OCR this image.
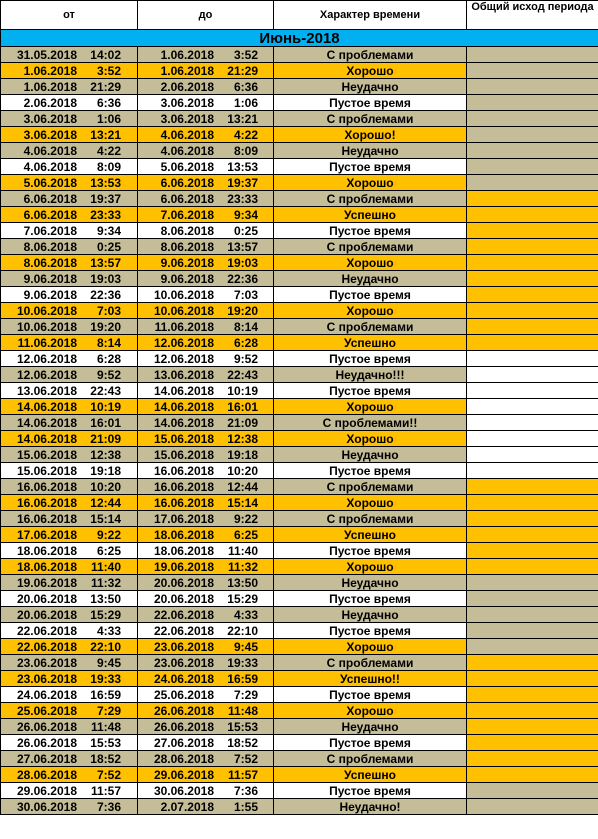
от	до	Характер времени	Общий исход периода
Июнь-2018			
31.05.2018 14:02	1.06.2018 3:52	С проблемами	
1.06.2018 3:52	1.06.2018 21:29	Хорошо	
1.06.2018 21:29	2.06.2018 6:36	Неудачно	
2.06.2018 6:36	3.06.2018 1:06	Пустое время	
3.06.2018 1:06	3.06.2018 13:21	С проблемами	
3.06.2018 13:21	4.06.2018 4:22	Хорошо!	
4.06.2018 4:22	4.06.2018 8:09	Неудачно	
4.06.2018 8:09	5.06.2018 13:53	Пустое время	
5.06.2018 13:53	6.06.2018 19:37	Хорошо	
6.06.2018 19:37	6.06.2018 23:33	С проблемами	
6.06.2018 23:33	7.06.2018 9:34	Успешно	
7.06.2018 9:34	8.06.2018 0:25	Пустое время	
8.06.2018 0:25	8.06.2018 13:57	С проблемами	
8.06.2018 13:57	9.06.2018 19:03	Хорошо	
9.06.2018 19:03	9.06.2018 22:36	Неудачно	
9.06.2018 22:36	10.06.2018 7:03	Пустое время	
10.06.2018 7:03	10.06.2018 19:20	Хорошо	
10.06.2018 19:20	11.06.2018 8:14	С проблемами	
11.06.2018 8:14	12.06.2018 6:28	Успешно	
12.06.2018 6:28	12.06.2018 9:52	Пустое время	
12.06.2018 9:52	13.06.2018 22:43	Неудачно!!!	
13.06.2018 22:43	14.06.2018 10:19	Пустое время	
14.06.2018 10:19	14.06.2018 16:01	Хорошо	
14.06.2018 16:01	14.06.2018 21:09	С проблемами!!	
14.06.2018 21:09	15.06.2018 12:38	Хорошо	
15.06.2018 12:38	15.06.2018 19:18	Неудачно	
15.06.2018 19:18	16.06.2018 10:20	Пустое время	
16.06.2018 10:20	16.06.2018 12:44	С проблемами	
16.06.2018 12:44	16.06.2018 15:14	Хорошо	
16.06.2018 15:14	17.06.2018 9:22	С проблемами	
17.06.2018 9:22	18.06.2018 6:25	Успешно	
18.06.2018 6:25	18.06.2018 11:40	Пустое время	
18.06.2018 11:40	19.06.2018 11:32	Хорошо	
19.06.2018 11:32	20.06.2018 13:50	Неудачно	
20.06.2018 13:50	20.06.2018 15:29	Пустое время	
20.06.2018 15:29	22.06.2018 4:33	Неудачно	
22.06.2018 4:33	22.06.2018 22:10	Пустое время	
22.06.2018 22:10	23.06.2018 9:45	Хорошо	
23.06.2018 9:45	23.06.2018 19:33	С проблемами	
23.06.2018 19:33	24.06.2018 16:59	Успешно!!	
24.06.2018 16:59	25.06.2018 7:29	Пустое время	
25.06.2018 7:29	26.06.2018 11:48	Хорошо	
26.06.2018 11:48	26.06.2018 15:53	Неудачно	
26.06.2018 15:53	27.06.2018 18:52	Пустое время	
27.06.2018 18:52	28.06.2018 7:52	С проблемами	
28.06.2018 7:52	29.06.2018 11:57	Успешно	
29.06.2018 11:57	30.06.2018 7:36	Пустое время	
30.06.2018 7:36	2.07.2018 1:55	Неудачно!	
